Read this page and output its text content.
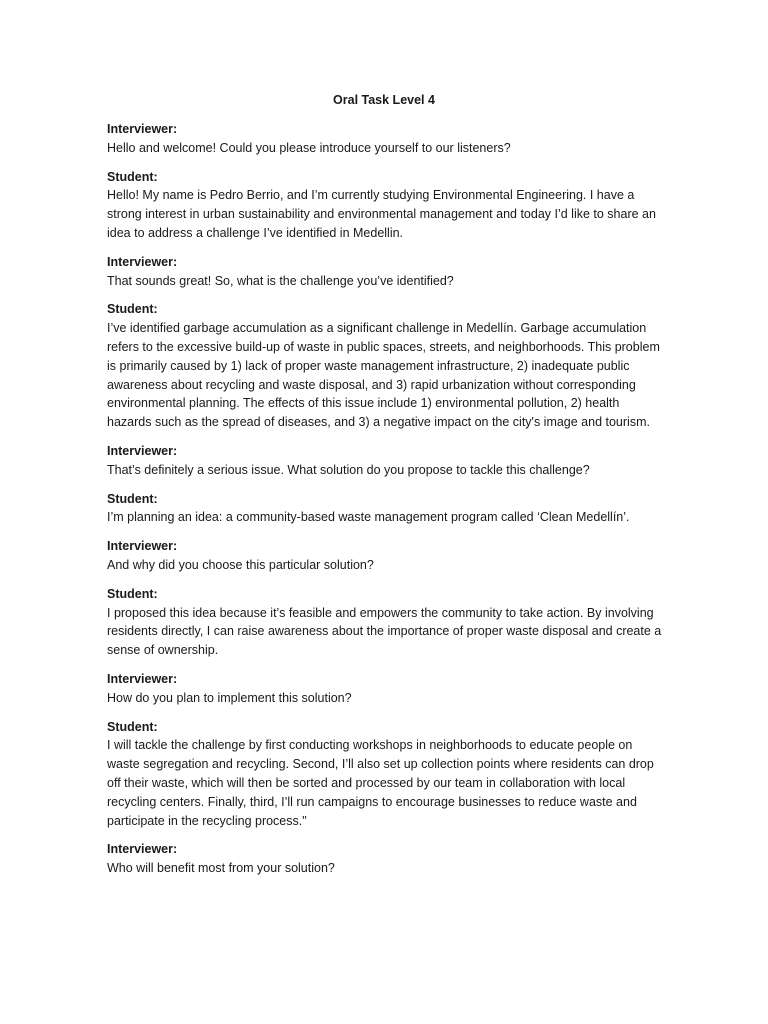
Oral Task Level 4
Interviewer:

Hello and welcome! Could you please introduce yourself to our listeners?

Student:

Hello! My name is Pedro Berrio, and I’m currently studying Environmental Engineering. I have a strong interest in urban sustainability and environmental management and today I’d like to share an idea to address a challenge I’ve identified in Medellin.

Interviewer:

That sounds great! So, what is the challenge you’ve identified?

Student:

I’ve identified garbage accumulation as a significant challenge in Medellín. Garbage accumulation refers to the excessive build-up of waste in public spaces, streets, and neighborhoods. This problem is primarily caused by 1) lack of proper waste management infrastructure, 2) inadequate public awareness about recycling and waste disposal, and 3) rapid urbanization without corresponding environmental planning. The effects of this issue include 1) environmental pollution, 2) health hazards such as the spread of diseases, and 3) a negative impact on the city's image and tourism.

Interviewer:

That’s definitely a serious issue. What solution do you propose to tackle this challenge?

Student:

I’m planning an idea: a community-based waste management program called ‘Clean Medellín’.

Interviewer:

And why did you choose this particular solution?

Student:

I proposed this idea because it’s feasible and empowers the community to take action. By involving residents directly, I can raise awareness about the importance of proper waste disposal and create a sense of ownership.

Interviewer:

How do you plan to implement this solution?

Student:

I will tackle the challenge by first conducting workshops in neighborhoods to educate people on waste segregation and recycling. Second, I’ll also set up collection points where residents can drop off their waste, which will then be sorted and processed by our team in collaboration with local recycling centers. Finally, third, I’ll run campaigns to encourage businesses to reduce waste and participate in the recycling process."

Interviewer:

Who will benefit most from your solution?
